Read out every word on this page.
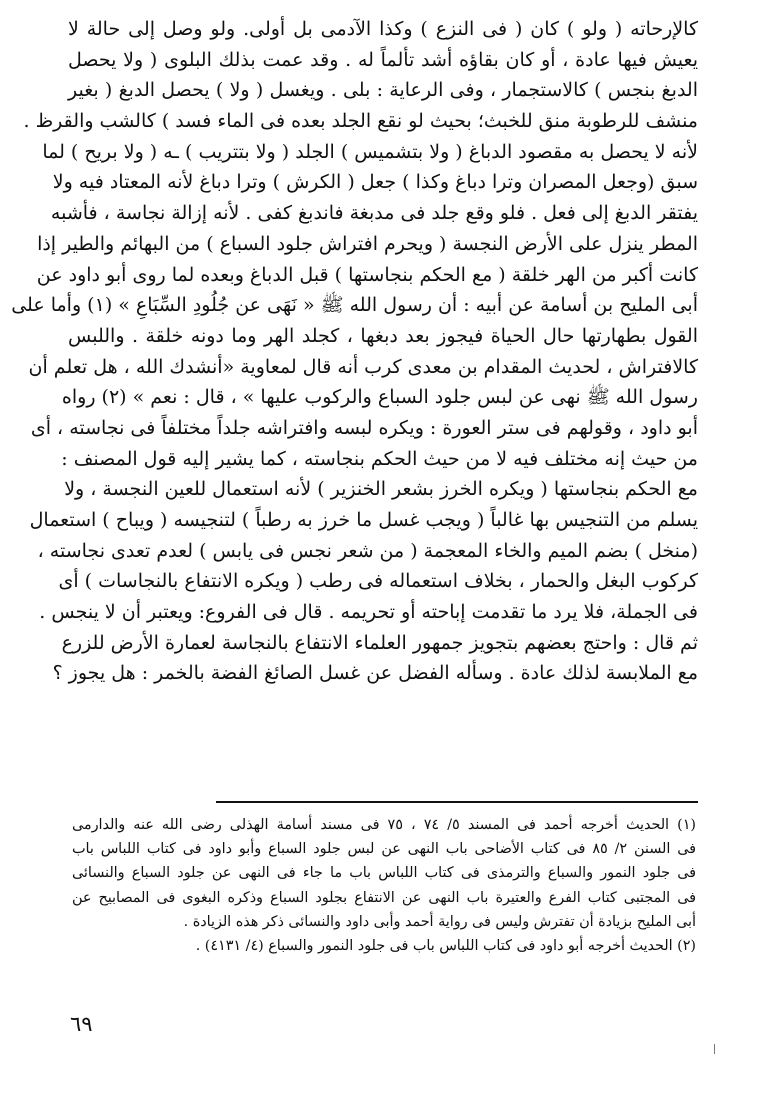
كالإرحاته ( ولو ) كان ( فى النزع ) وكذا الآدمى بل أولى. ولو وصل إلى حالة لا
يعيش فيها عادة ، أو كان بقاؤه أشد تألماً له . وقد عمت بذلك البلوى ( ولا يحصل
الدبغ بنجس ) كالاستجمار ، وفى الرعاية : بلى . ويغسل ( ولا ) يحصل الدبغ ( بغير
منشف للرطوبة منق للخبث؛ بحيث لو نقع الجلد بعده فى الماء فسد ) كالشب والقرظ .
لأنه لا يحصل به مقصود الدباغ ( ولا بتشميس ) الجلد ( ولا بتتريب ) ـه ( ولا بريح ) لما
سبق (وجعل المصران وترا دباغ وكذا ) جعل ( الكرش ) وترا دباغ لأنه المعتاد فيه ولا
يفتقر الدبغ إلى فعل . فلو وقع جلد فى مدبغة فاندبغ كفى . لأنه إزالة نجاسة ، فأشبه
المطر ينزل على الأرض النجسة ( ويحرم افتراش جلود السباع ) من البهائم والطير إذا
كانت أكبر من الهر خلقة ( مع الحكم بنجاستها ) قبل الدباغ وبعده لما روى أبو داود عن
أبى المليح بن أسامة عن أبيه : أن رسول الله ﷺ « نَهَى عن جُلُودِ السِّبَاعِ » (١) وأما على
القول بطهارتها حال الحياة فيجوز بعد دبغها ، كجلد الهر وما دونه خلقة . واللبس
كالافتراش ، لحديث المقدام بن معدى كرب أنه قال لمعاوية «أنشدك الله ، هل تعلم أن
رسول الله ﷺ نهى عن لبس جلود السباع والركوب عليها » ، قال : نعم » (٢) رواه
أبو داود ، وقولهم فى ستر العورة : ويكره لبسه وافتراشه جلداً مختلفاً فى نجاسته ، أى
من حيث إنه مختلف فيه لا من حيث الحكم بنجاسته ، كما يشير إليه قول المصنف :
مع الحكم بنجاستها ( ويكره الخرز بشعر الخنزير ) لأنه استعمال للعين النجسة ، ولا
يسلم من التنجيس بها غالباً ( ويجب غسل ما خرز به رطباً ) لتنجيسه ( ويباح ) استعمال
(منخل ) بضم الميم والخاء المعجمة ( من شعر نجس فى يابس ) لعدم تعدى نجاسته ،
كركوب البغل والحمار ، بخلاف استعماله فى رطب ( ويكره الانتفاع بالنجاسات ) أى
فى الجملة، فلا يرد ما تقدمت إباحته أو تحريمه . قال فى الفروع: ويعتبر أن لا ينجس .
ثم قال : واحتج بعضهم بتجويز جمهور العلماء الانتفاع بالنجاسة لعمارة الأرض للزرع
مع الملابسة لذلك عادة . وسأله الفضل عن غسل الصائغ الفضة بالخمر : هل يجوز ؟
(١) الحديث أخرجه أحمد فى المسند ٥/ ٧٤ ، ٧٥ فى مسند أسامة الهذلى رضى الله عنه والدارمى
فى السنن ٢/ ٨٥ فى كتاب الأضاحى باب النهى عن لبس جلود السباع وأبو داود فى كتاب اللباس باب
فى جلود النمور والسباع والترمذى فى كتاب اللباس باب ما جاء فى النهى عن جلود السباع والنسائى
فى المجتبى كتاب الفرع والعتيرة باب النهى عن الانتفاع بجلود السباع وذكره البغوى فى المصابيح عن
أبى المليح بزيادة أن تفترش وليس فى رواية أحمد وأبى داود والنسائى ذكر هذه الزيادة .
(٢) الحديث أخرجه أبو داود فى كتاب اللباس باب فى جلود النمور والسباع (٤/ ٤١٣١) .
٦٩
